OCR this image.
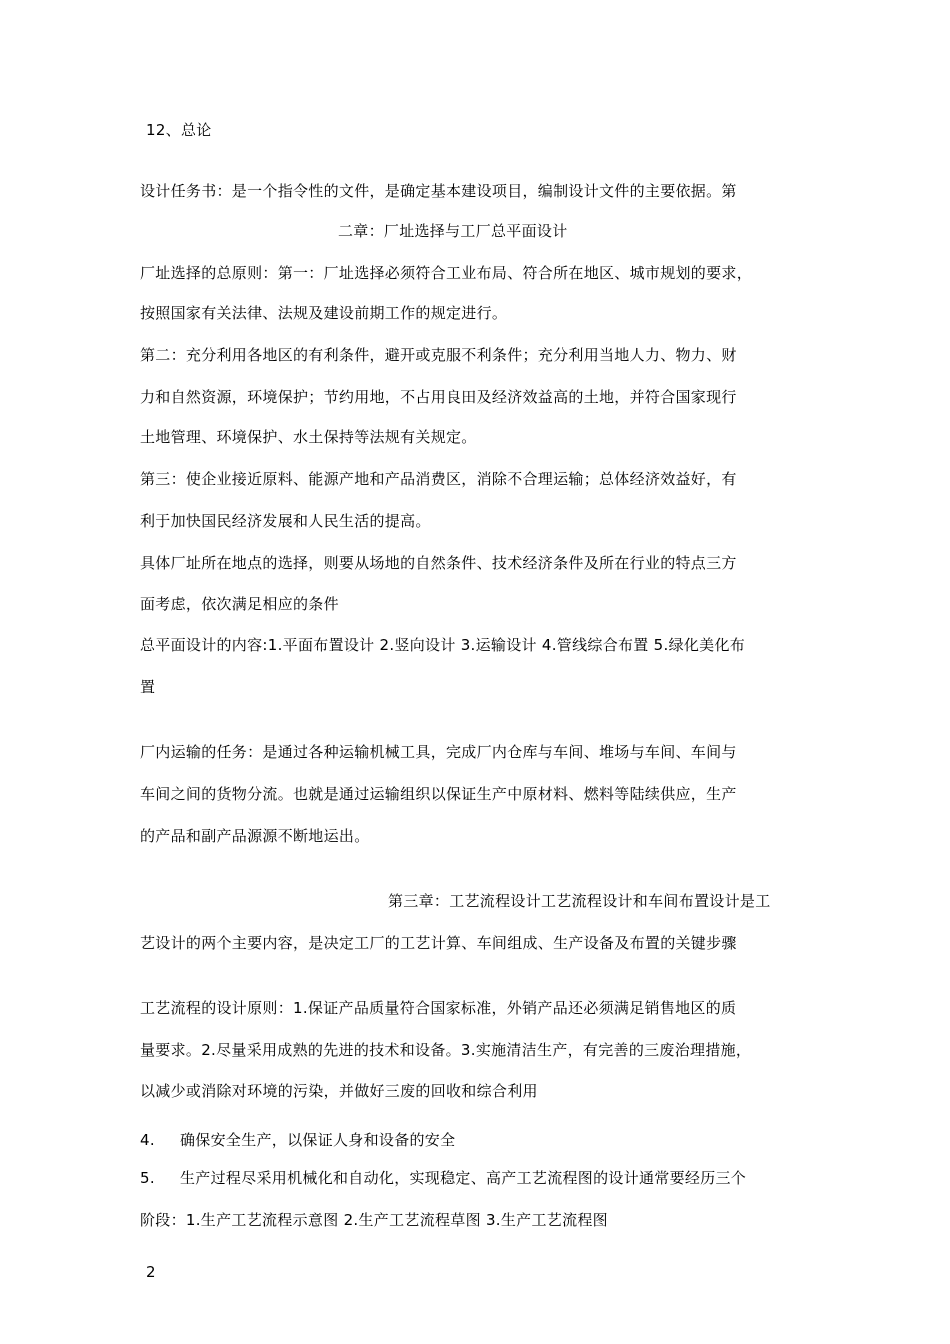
12、总论
设计任务书：是一个指令性的文件，是确定基本建设项目，编制设计文件的主要依据。第
二章：厂址选择与工厂总平面设计
厂址选择的总原则：第一：厂址选择必须符合工业布局、符合所在地区、城市规划的要求，
按照国家有关法律、法规及建设前期工作的规定进行。
第二：充分利用各地区的有利条件，避开或克服不利条件；充分利用当地人力、物力、财
力和自然资源，环境保护；节约用地，不占用良田及经济效益高的土地，并符合国家现行
土地管理、环境保护、水土保持等法规有关规定。
第三：使企业接近原料、能源产地和产品消费区，消除不合理运输；总体经济效益好，有
利于加快国民经济发展和人民生活的提高。
具体厂址所在地点的选择，则要从场地的自然条件、技术经济条件及所在行业的特点三方
面考虑，依次满足相应的条件
总平面设计的内容:1.平面布置设计 2.竖向设计 3.运输设计 4.管线综合布置 5.绿化美化布
置
厂内运输的任务：是通过各种运输机械工具，完成厂内仓库与车间、堆场与车间、车间与
车间之间的货物分流。也就是通过运输组织以保证生产中原材料、燃料等陆续供应，生产
的产品和副产品源源不断地运出。
第三章：工艺流程设计工艺流程设计和车间布置设计是工
艺设计的两个主要内容，是决定工厂的工艺计算、车间组成、生产设备及布置的关键步骤
工艺流程的设计原则：1.保证产品质量符合国家标准，外销产品还必须满足销售地区的质
量要求。2.尽量采用成熟的先进的技术和设备。3.实施清洁生产，有完善的三废治理措施，
以减少或消除对环境的污染，并做好三废的回收和综合利用
4. 确保安全生产，以保证人身和设备的安全
5. 生产过程尽采用机械化和自动化，实现稳定、高产工艺流程图的设计通常要经历三个
阶段：1.生产工艺流程示意图 2.生产工艺流程草图 3.生产工艺流程图
2
